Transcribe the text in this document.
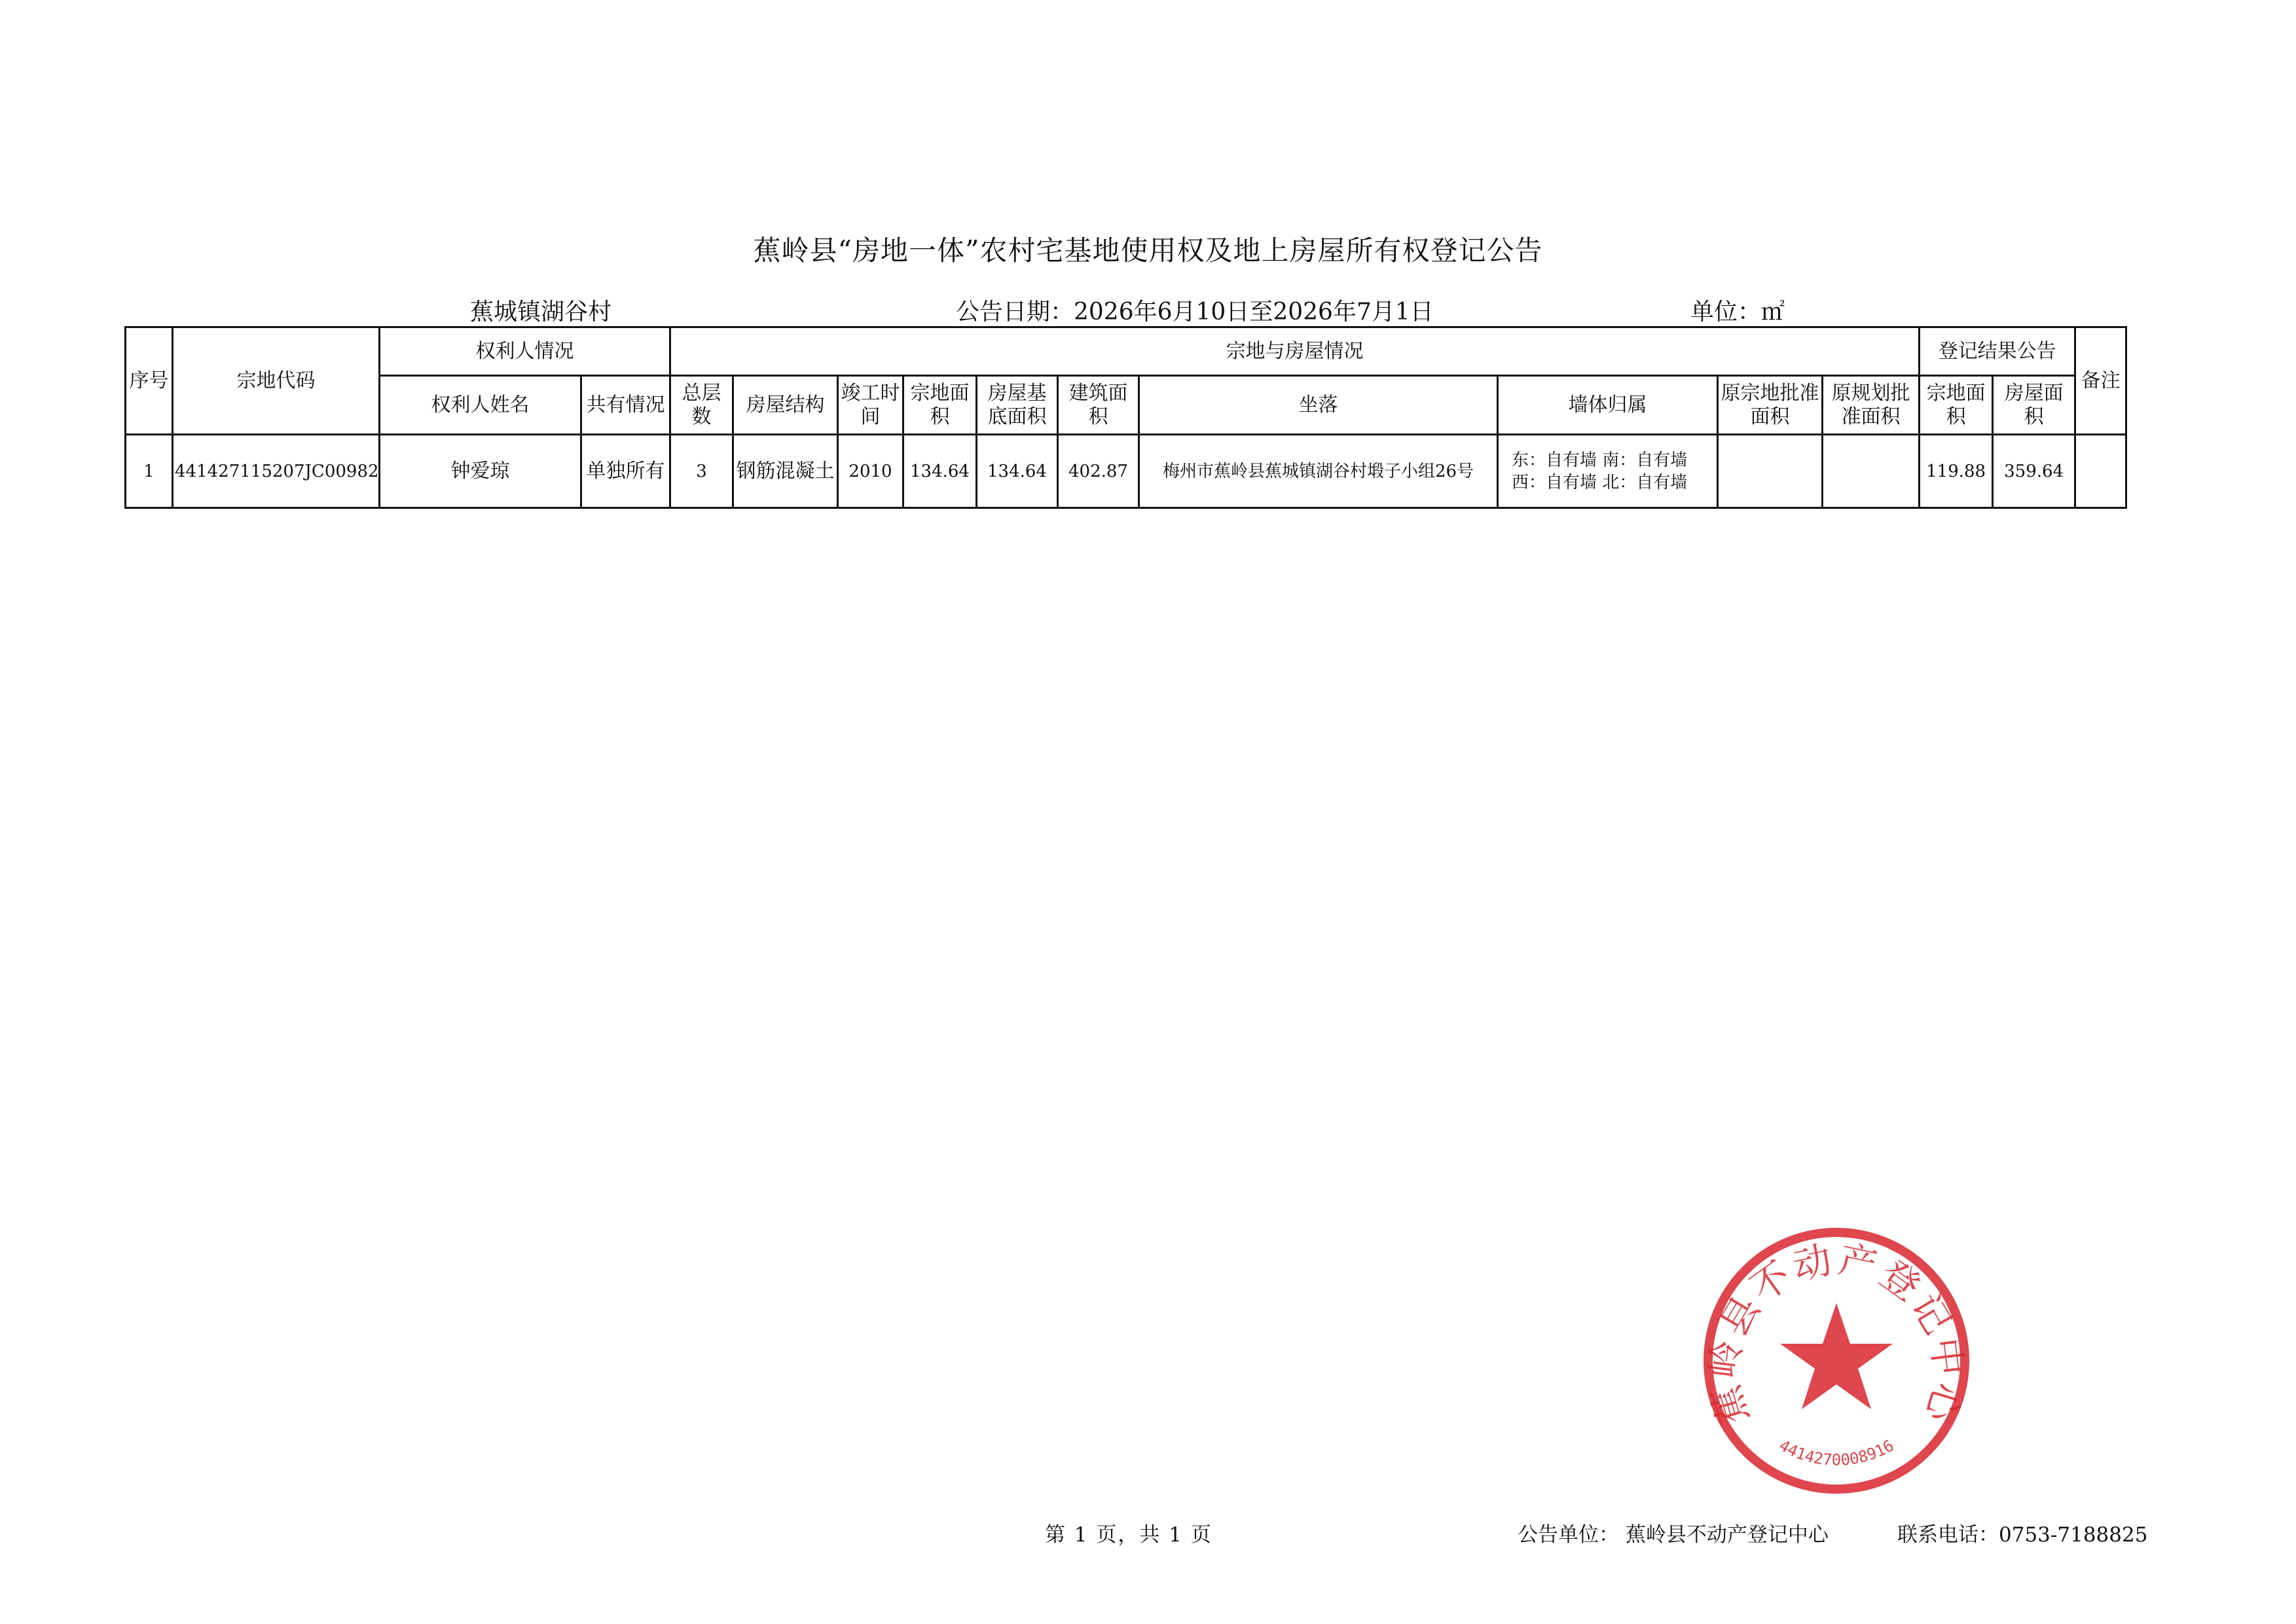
蕉岭县“房地一体”农村宅基地使用权及地上房屋所有权登记公告
蕉城镇湖谷村	公告日期：2026年6月10日至2026年7月1日	单位：㎡
序号	宗地代码	权利人情况		宗地与房屋情况										登记结果公告		备注
		权利人姓名	共有情况	总层数	房屋结构	竣工时间	宗地面积	房屋基底面积	建筑面积	坐落	墙体归属	原宗地批准面积	原规划批准面积	宗地面积	房屋面积	
1	441427115207JC00982	钟爱琼	单独所有	3	钢筋混凝土	2010	134.64	134.64	402.87	梅州市蕉岭县蕉城镇湖谷村塅子小组26号	东：自有墙 南：自有墙
西：自有墙 北：自有墙			119.88	359.64	
第 1 页，共 1 页	公告单位： 蕉岭县不动产登记中心	联系电话：0753-7188825
蕉岭县不动产登记中心
4414270008916
